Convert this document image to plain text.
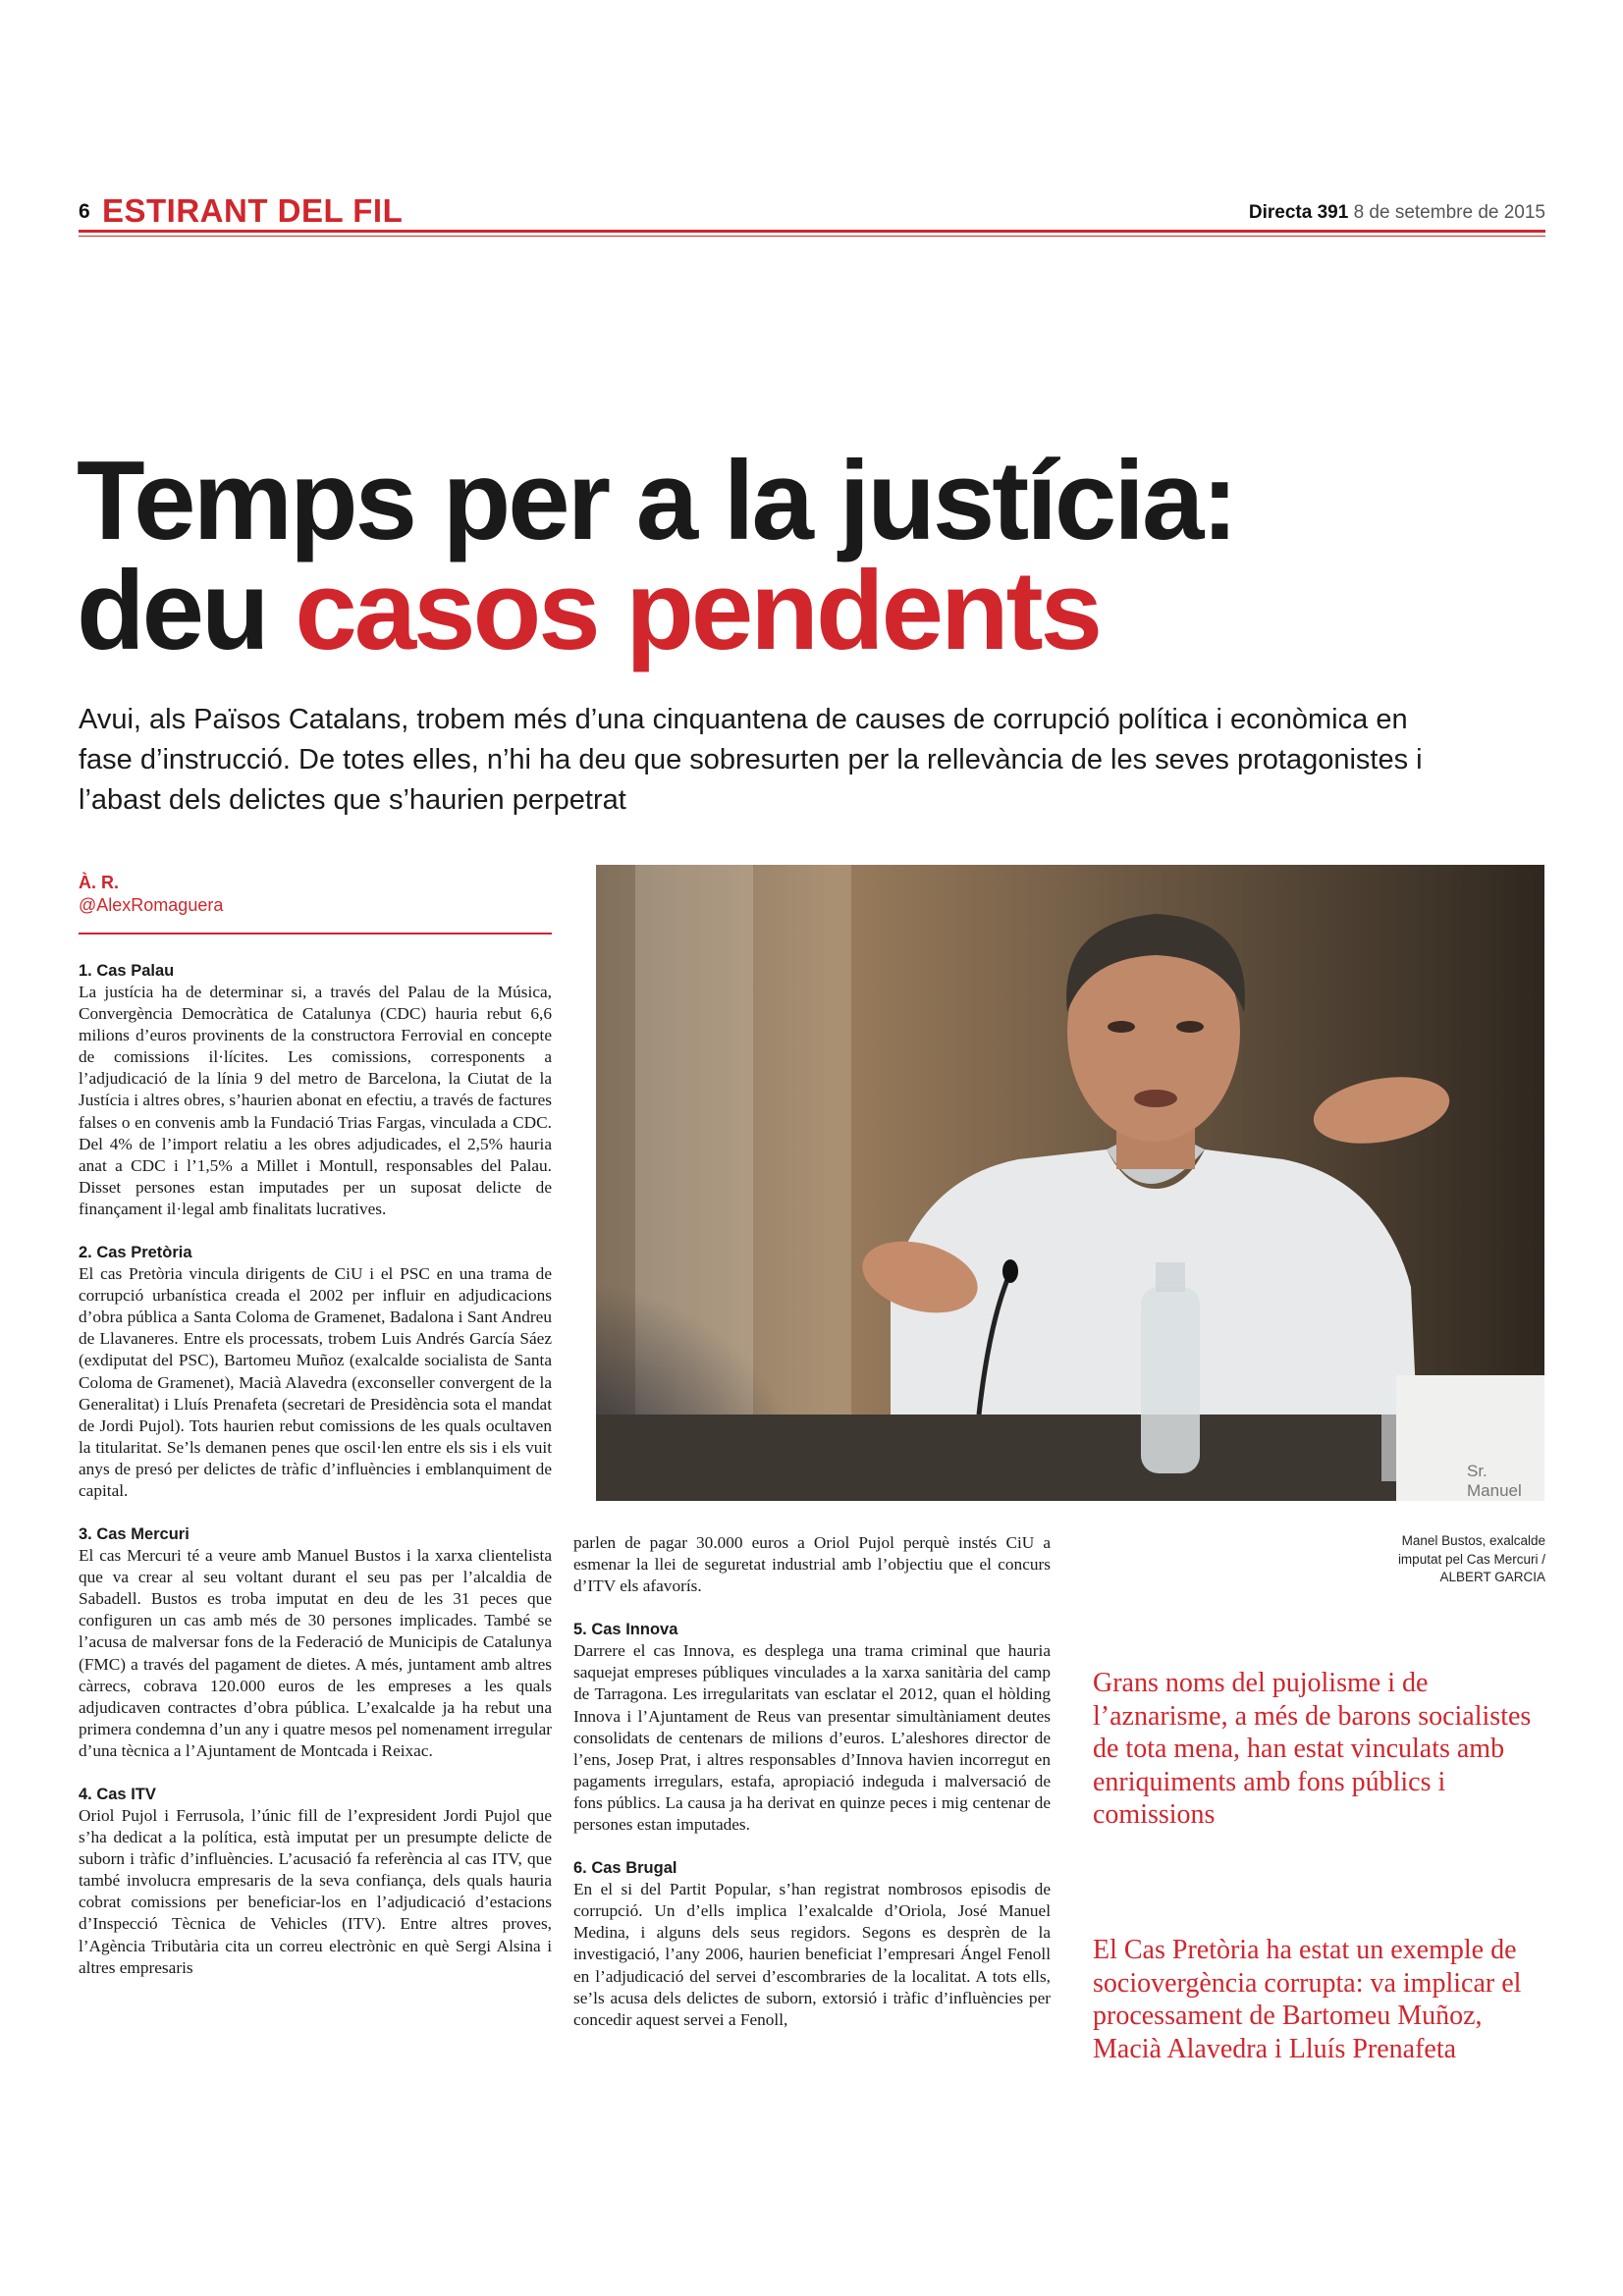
6 ESTIRANT DEL FIL	Directa 391 8 de setembre de 2015
Temps per a la justícia:
deu casos pendents

Avui, als Països Catalans, trobem més d’una cinquantena de causes de corrupció política i econòmica en fase d’instrucció. De totes elles, n’hi ha deu que sobresurten per la rellevància de les seves protagonistes i l’abast dels delictes que s’haurien perpetrat

À. R.
@AlexRomaguera
1. Cas Palau

La justícia ha de determinar si, a través del Palau de la Música, Convergència Democràtica de Catalunya (CDC) hauria rebut 6,6 milions d’euros provinents de la constructora Ferrovial en concepte de comissions il·lícites. Les comissions, corresponents a l’adjudicació de la línia 9 del metro de Barcelona, la Ciutat de la Justícia i altres obres, s’haurien abonat en efectiu, a través de factures falses o en convenis amb la Fundació Trias Fargas, vinculada a CDC. Del 4% de l’import relatiu a les obres adjudicades, el 2,5% hauria anat a CDC i l’1,5% a Millet i Montull, responsables del Palau. Disset persones estan imputades per un suposat delicte de finançament il·legal amb finalitats lucratives.

2. Cas Pretòria

El cas Pretòria vincula dirigents de CiU i el PSC en una trama de corrupció urbanística creada el 2002 per influir en adjudicacions d’obra pública a Santa Coloma de Gramenet, Badalona i Sant Andreu de Llavaneres. Entre els processats, trobem Luis Andrés García Sáez (exdiputat del PSC), Bartomeu Muñoz (exalcalde socialista de Santa Coloma de Gramenet), Macià Alavedra (exconseller convergent de la Generalitat) i Lluís Prenafeta (secretari de Presidència sota el mandat de Jordi Pujol). Tots haurien rebut comissions de les quals ocultaven la titularitat. Se’ls demanen penes que oscil·len entre els sis i els vuit anys de presó per delictes de tràfic d’influències i emblanquiment de capital.

3. Cas Mercuri

El cas Mercuri té a veure amb Manuel Bustos i la xarxa clientelista que va crear al seu voltant durant el seu pas per l’alcaldia de Sabadell. Bustos es troba imputat en deu de les 31 peces que configuren un cas amb més de 30 persones implicades. També se l’acusa de malversar fons de la Federació de Municipis de Catalunya (FMC) a través del pagament de dietes. A més, juntament amb altres càrrecs, cobrava 120.000 euros de les empreses a les quals adjudicaven contractes d’obra pública. L’exalcalde ja ha rebut una primera condemna d’un any i quatre mesos pel nomenament irregular d’una tècnica a l’Ajuntament de Montcada i Reixac.

4. Cas ITV

Oriol Pujol i Ferrusola, l’únic fill de l’expresident Jordi Pujol que s’ha dedicat a la política, està imputat per un presumpte delicte de suborn i tràfic d’influències. L’acusació fa referència al cas ITV, que també involucra empresaris de la seva confiança, dels quals hauria cobrat comissions per beneficiar-los en l’adjudicació d’estacions d’Inspecció Tècnica de Vehicles (ITV). Entre altres proves, l’Agència Tributària cita un correu electrònic en què Sergi Alsina i altres empresaris

parlen de pagar 30.000 euros a Oriol Pujol perquè instés CiU a esmenar la llei de seguretat industrial amb l’objectiu que el concurs d’ITV els afavorís.

5. Cas Innova

Darrere el cas Innova, es desplega una trama criminal que hauria saquejat empreses públiques vinculades a la xarxa sanitària del camp de Tarragona. Les irregularitats van esclatar el 2012, quan el hòlding Innova i l’Ajuntament de Reus van presentar simultàniament deutes consolidats de centenars de milions d’euros. L’aleshores director de l’ens, Josep Prat, i altres responsables d’Innova havien incorregut en pagaments irregulars, estafa, apropiació indeguda i malversació de fons públics. La causa ja ha derivat en quinze peces i mig centenar de persones estan imputades.

6. Cas Brugal

En el si del Partit Popular, s’han registrat nombrosos episodis de corrupció. Un d’ells implica l’exalcalde d’Oriola, José Manuel Medina, i alguns dels seus regidors. Segons es desprèn de la investigació, l’any 2006, haurien beneficiat l’empresari Ángel Fenoll en l’adjudicació del servei d’escombraries de la localitat. A tots ells, se’ls acusa dels delictes de suborn, extorsió i tràfic d’influències per concedir aquest servei a Fenoll,

Sr. Manuel
Manel Bustos, exalcalde imputat pel Cas Mercuri / ALBERT GARCIA

Grans noms del pujolisme i de l’aznarisme, a més de barons socialistes de tota mena, han estat vinculats amb enriquiments amb fons públics i comissions

El Cas Pretòria ha estat un exemple de sociovergència corrupta: va implicar el processament de Bartomeu Muñoz, Macià Alavedra i Lluís Prenafeta
